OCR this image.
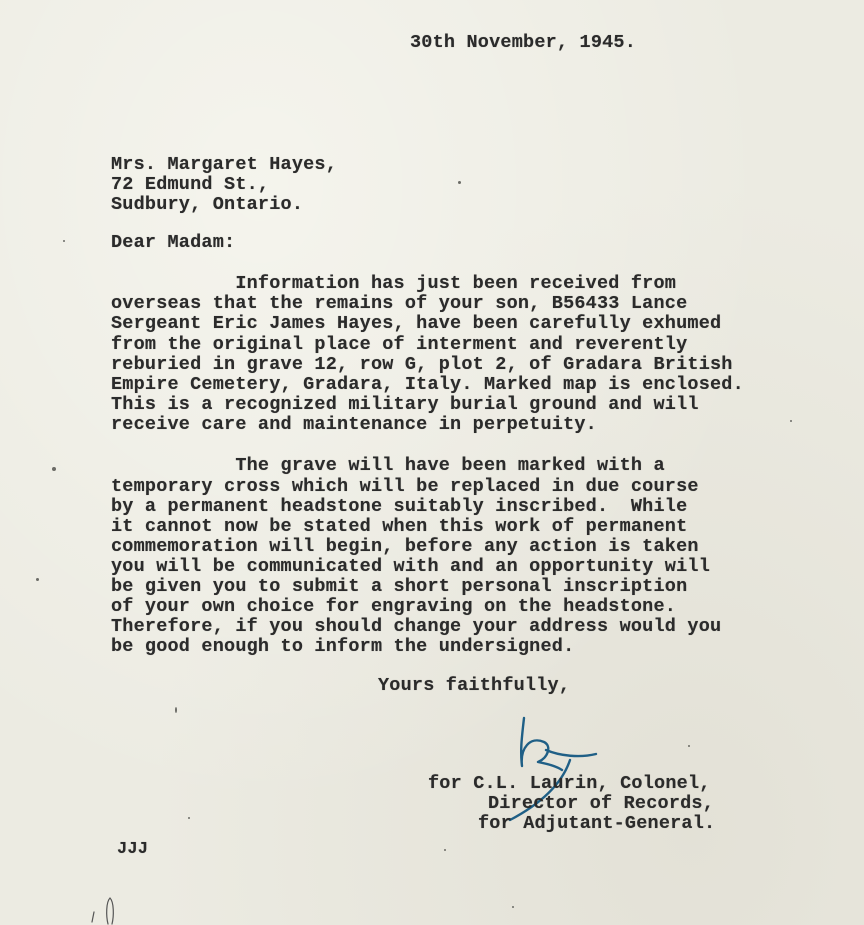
30th November, 1945.
Mrs. Margaret Hayes,
72 Edmund St.,
Sudbury, Ontario.
Dear Madam:
Information has just been received from
overseas that the remains of your son, B56433 Lance
Sergeant Eric James Hayes, have been carefully exhumed
from the original place of interment and reverently
reburied in grave 12, row G, plot 2, of Gradara British
Empire Cemetery, Gradara, Italy. Marked map is enclosed.
This is a recognized military burial ground and will
receive care and maintenance in perpetuity.
The grave will have been marked with a
temporary cross which will be replaced in due course
by a permanent headstone suitably inscribed.  While
it cannot now be stated when this work of permanent
commemoration will begin, before any action is taken
you will be communicated with and an opportunity will
be given you to submit a short personal inscription
of your own choice for engraving on the headstone.
Therefore, if you should change your address would you
be good enough to inform the undersigned.
Yours faithfully,
for C.L. Laurin, Colonel,
Director of Records,
for Adjutant-General.
JJJ
